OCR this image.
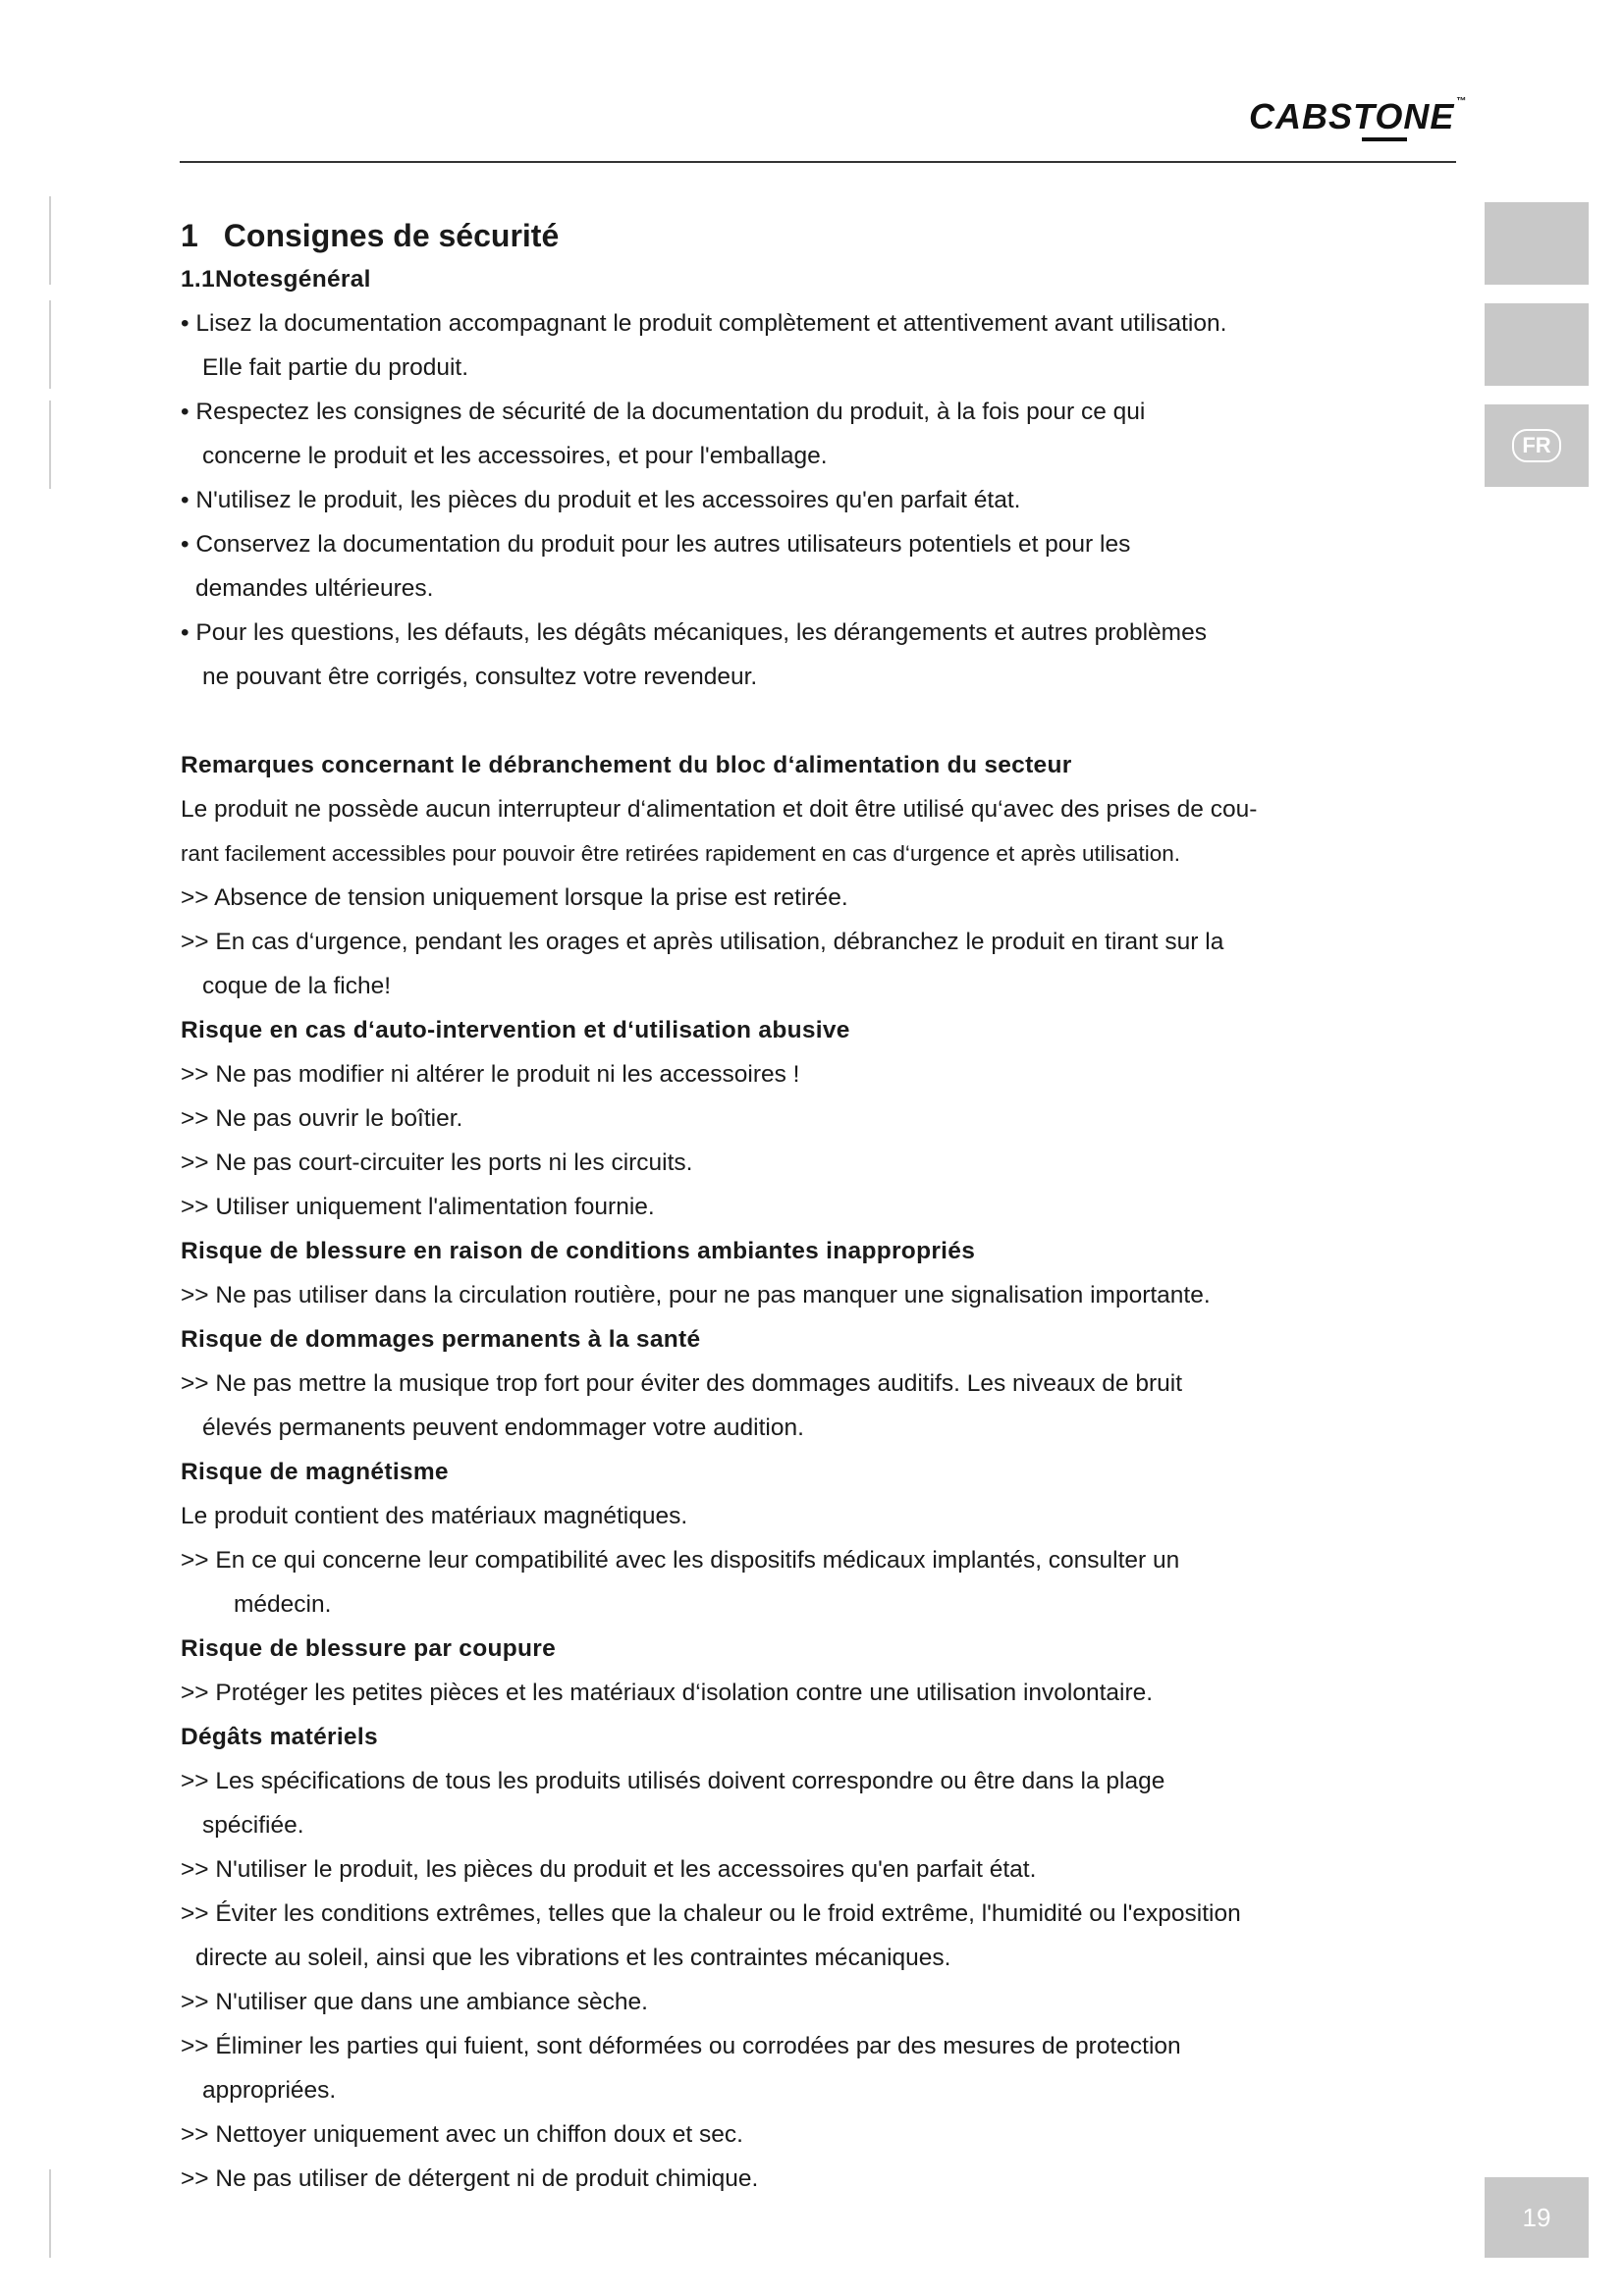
CABSTONE ™
FR
19

1 Consignes de sécurité

1.1Notesgénéral

• Lisez la documentation accompagnant le produit complètement et attentivement avant utilisation.

Elle fait partie du produit.

• Respectez les consignes de sécurité de la documentation du produit, à la fois pour ce qui

concerne le produit et les accessoires, et pour l'emballage.

• N'utilisez le produit, les pièces du produit et les accessoires qu'en parfait état.

• Conservez la documentation du produit pour les autres utilisateurs potentiels et pour les

demandes ultérieures.

• Pour les questions, les défauts, les dégâts mécaniques, les dérangements et autres problèmes

ne pouvant être corrigés, consultez votre revendeur.

Remarques concernant le débranchement du bloc d‘alimentation du secteur

Le produit ne possède aucun interrupteur d‘alimentation et doit être utilisé qu‘avec des prises de cou-

rant facilement accessibles pour pouvoir être retirées rapidement en cas d‘urgence et après utilisation.

>> Absence de tension uniquement lorsque la prise est retirée.

>> En cas d‘urgence, pendant les orages et après utilisation, débranchez le produit en tirant sur la

coque de la fiche!

Risque en cas d‘auto-intervention et d‘utilisation abusive

>> Ne pas modifier ni altérer le produit ni les accessoires !

>> Ne pas ouvrir le boîtier.

>> Ne pas court-circuiter les ports ni les circuits.

>> Utiliser uniquement l'alimentation fournie.

Risque de blessure en raison de conditions ambiantes inappropriés

>> Ne pas utiliser dans la circulation routière, pour ne pas manquer une signalisation importante.

Risque de dommages permanents à la santé

>> Ne pas mettre la musique trop fort pour éviter des dommages auditifs. Les niveaux de bruit

élevés permanents peuvent endommager votre audition.

Risque de magnétisme

Le produit contient des matériaux magnétiques.

>> En ce qui concerne leur compatibilité avec les dispositifs médicaux implantés, consulter un

médecin.

Risque de blessure par coupure

>> Protéger les petites pièces et les matériaux d‘isolation contre une utilisation involontaire.

Dégâts matériels

>> Les spécifications de tous les produits utilisés doivent correspondre ou être dans la plage

spécifiée.

>> N'utiliser le produit, les pièces du produit et les accessoires qu'en parfait état.

>> Éviter les conditions extrêmes, telles que la chaleur ou le froid extrême, l'humidité ou l'exposition

directe au soleil, ainsi que les vibrations et les contraintes mécaniques.

>> N'utiliser que dans une ambiance sèche.

>> Éliminer les parties qui fuient, sont déformées ou corrodées par des mesures de protection

appropriées.

>> Nettoyer uniquement avec un chiffon doux et sec.

>> Ne pas utiliser de détergent ni de produit chimique.
